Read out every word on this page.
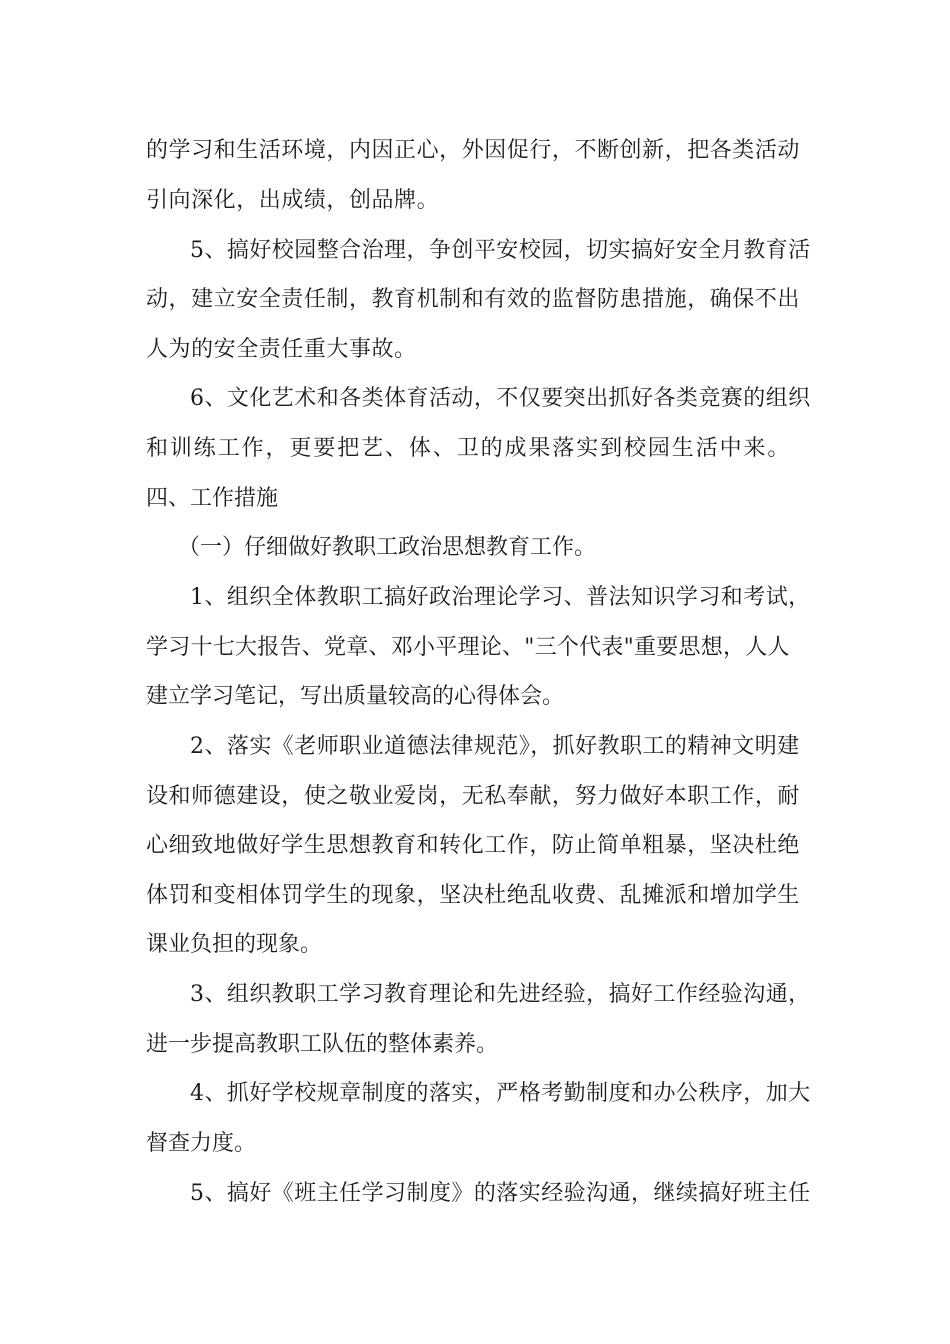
的学习和生活环境，内因正心，外因促行，不断创新，把各类活动
引向深化，出成绩，创品牌。
5、搞好校园整合治理，争创平安校园，切实搞好安全月教育活
动，建立安全责任制，教育机制和有效的监督防患措施，确保不出
人为的安全责任重大事故。
6、文化艺术和各类体育活动，不仅要突出抓好各类竞赛的组织
和训练工作，更要把艺、体、卫的成果落实到校园生活中来。
四、工作措施
（一）仔细做好教职工政治思想教育工作。
1、组织全体教职工搞好政治理论学习、普法知识学习和考试，
学习十七大报告、党章、邓小平理论、"三个代表"重要思想，人人
建立学习笔记，写出质量较高的心得体会。
2、落实《老师职业道德法律规范》，抓好教职工的精神文明建
设和师德建设，使之敬业爱岗，无私奉献，努力做好本职工作，耐
心细致地做好学生思想教育和转化工作，防止简单粗暴，坚决杜绝
体罚和变相体罚学生的现象，坚决杜绝乱收费、乱摊派和增加学生
课业负担的现象。
3、组织教职工学习教育理论和先进经验，搞好工作经验沟通，
进一步提高教职工队伍的整体素养。
4、抓好学校规章制度的落实，严格考勤制度和办公秩序，加大
督查力度。
5、搞好《班主任学习制度》的落实经验沟通，继续搞好班主任
